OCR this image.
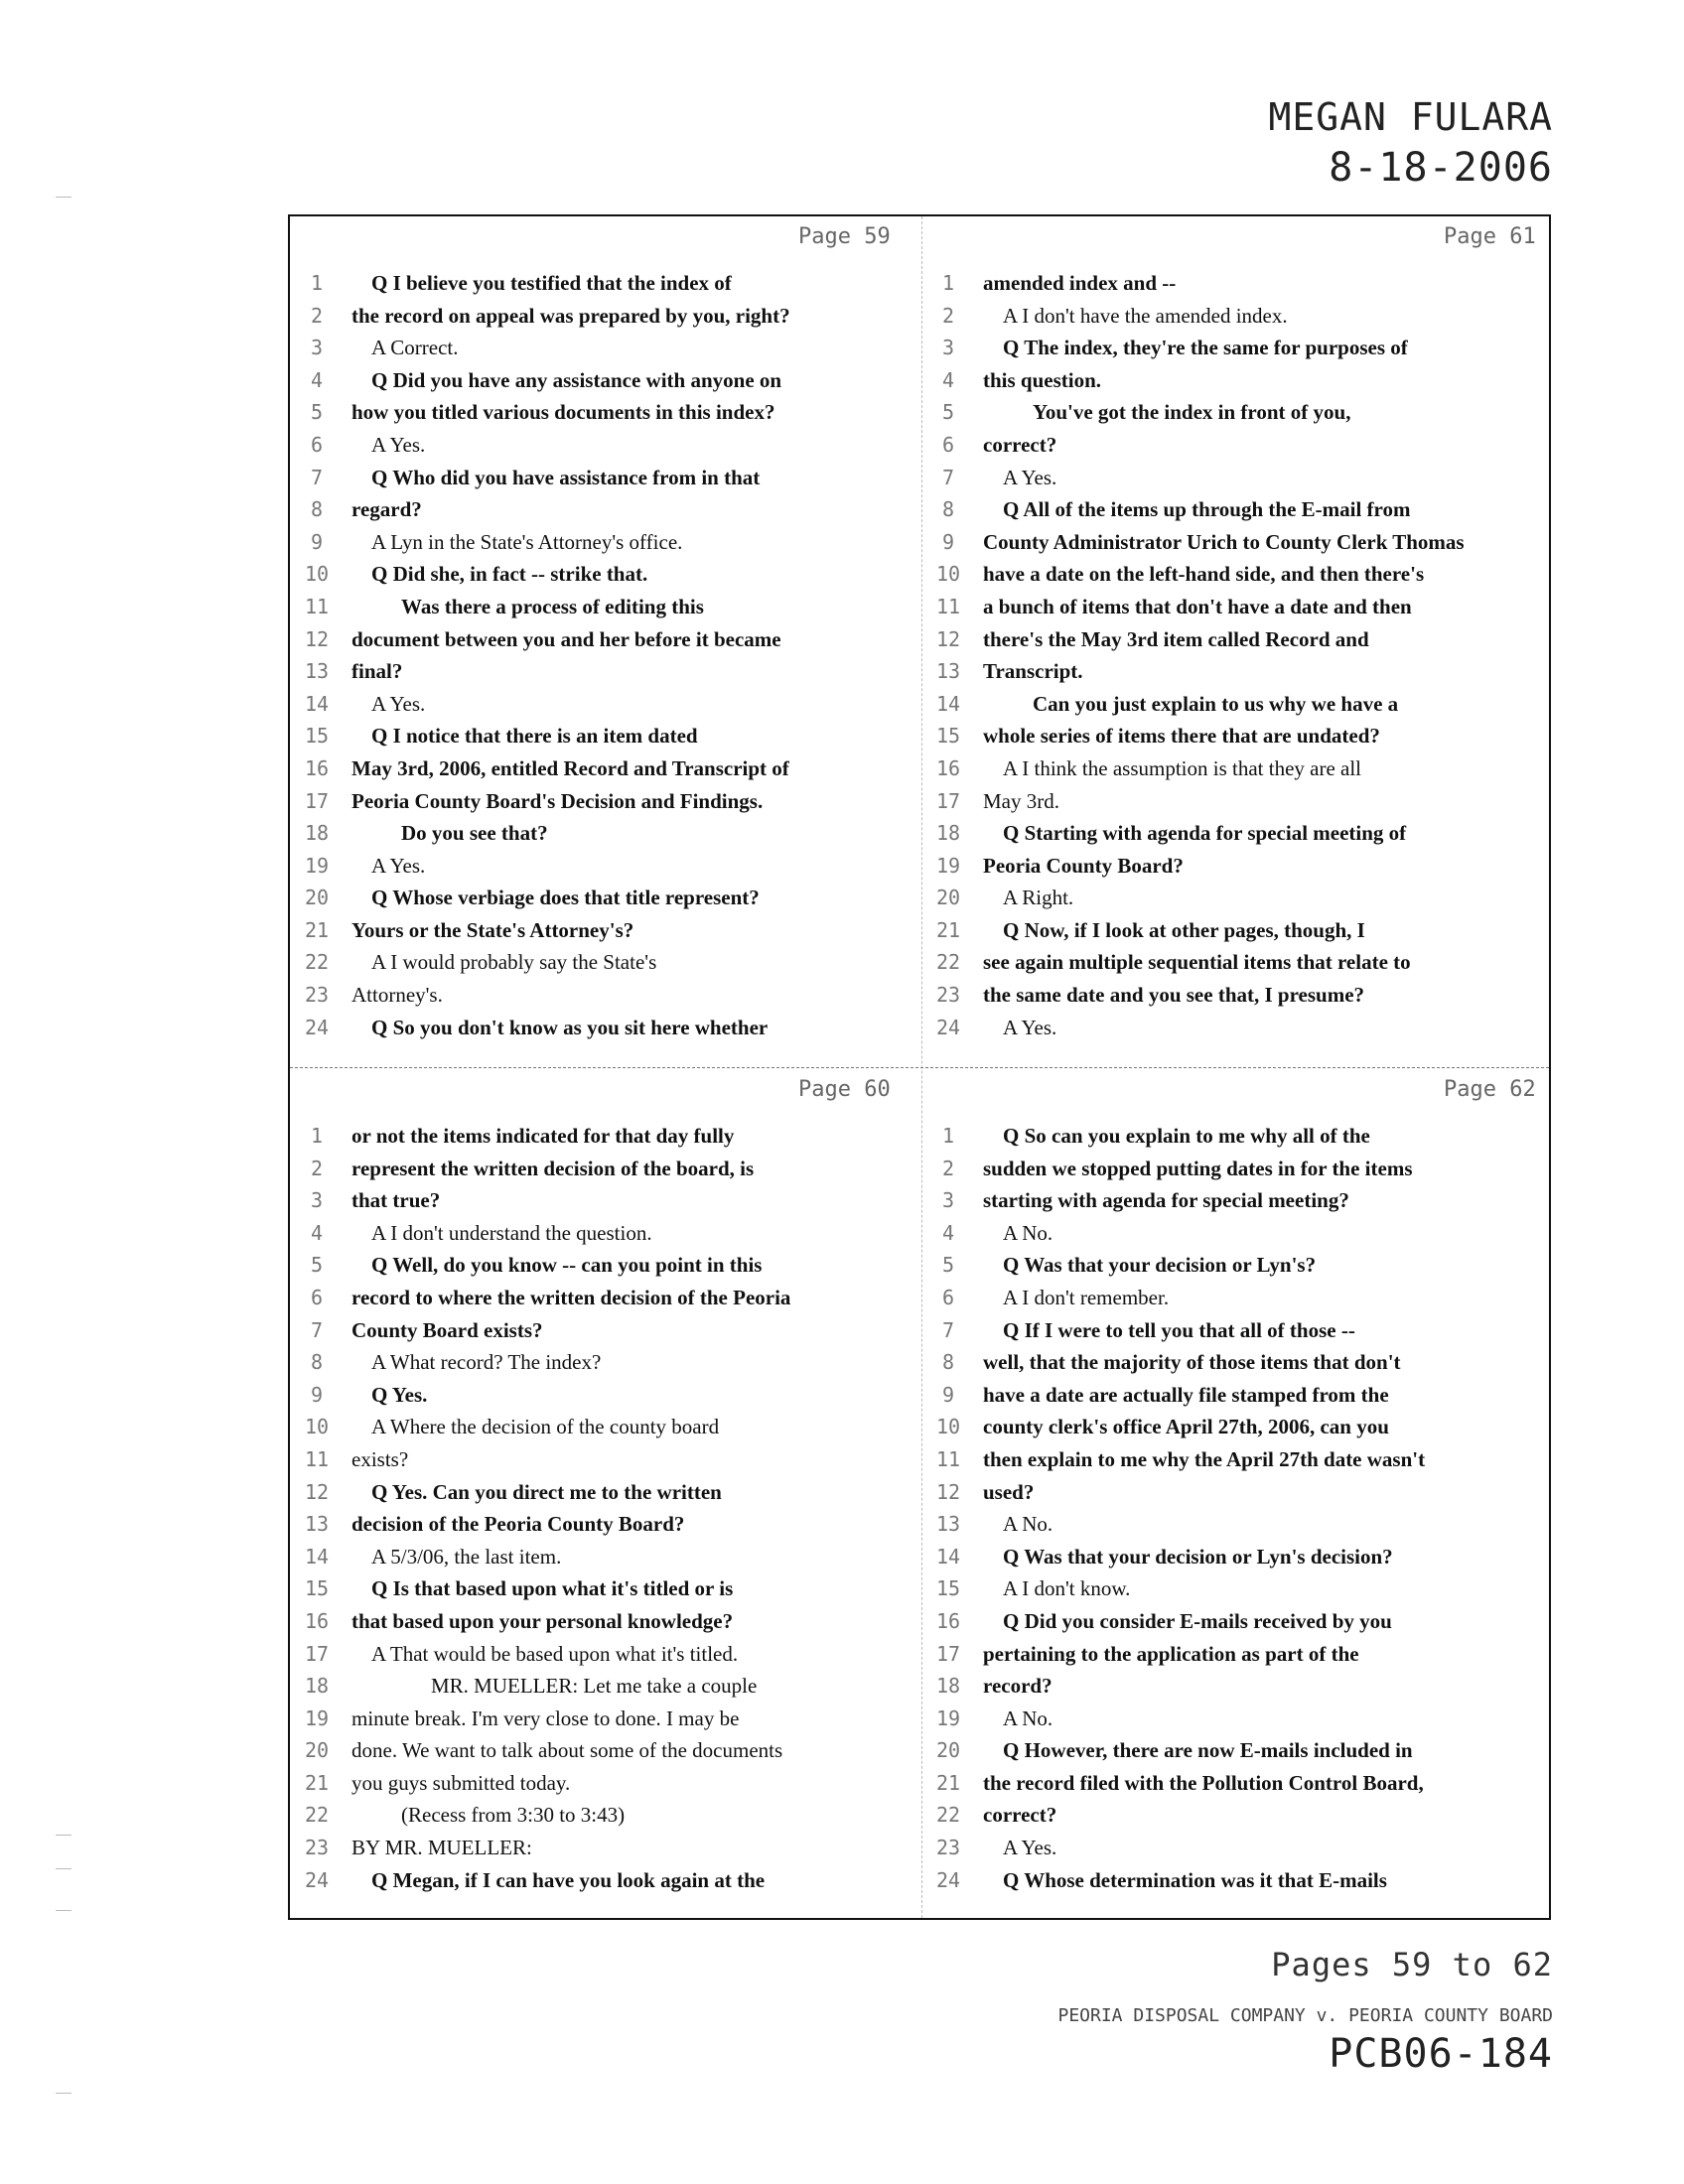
MEGAN FULARA
8-18-2006
Page 59
1	Q I believe you testified that the index of
2	the record on appeal was prepared by you, right?
3	A Correct.
4	Q Did you have any assistance with anyone on
5	how you titled various documents in this index?
6	A Yes.
7	Q Who did you have assistance from in that
8	regard?
9	A Lyn in the State's Attorney's office.
10 Q Did she, in fact -- strike that.
11	Was there a process of editing this
12 document between you and her before it became
13 final?
14 A Yes.
15 Q I notice that there is an item dated
16 May 3rd, 2006, entitled Record and Transcript of
17 Peoria County Board's Decision and Findings.
18	Do you see that?
19 A Yes.
20 Q Whose verbiage does that title represent?
21 Yours or the State's Attorney's?
22 A I would probably say the State's
23 Attorney's.
24 Q So you don't know as you sit here whether
Page 61
1	amended index and --
2	A I don't have the amended index.
3	Q The index, they're the same for purposes of
4	this question.
5	You've got the index in front of you,
6	correct?
7	A Yes.
8	Q All of the items up through the E-mail from
9	County Administrator Urich to County Clerk Thomas
10 have a date on the left-hand side, and then there's
11 a bunch of items that don't have a date and then
12 there's the May 3rd item called Record and
13 Transcript.
14	Can you just explain to us why we have a
15 whole series of items there that are undated?
16 A I think the assumption is that they are all
17 May 3rd.
18 Q Starting with agenda for special meeting of
19 Peoria County Board?
20 A Right.
21 Q Now, if I look at other pages, though, I
22 see again multiple sequential items that relate to
23 the same date and you see that, I presume?
24 A Yes.
Page 60
1	or not the items indicated for that day fully
2	represent the written decision of the board, is
3	that true?
4	A I don't understand the question.
5	Q Well, do you know -- can you point in this
6	record to where the written decision of the Peoria
7	County Board exists?
8	A What record? The index?
9	Q Yes.
10 A Where the decision of the county board
11 exists?
12 Q Yes. Can you direct me to the written
13 decision of the Peoria County Board?
14 A 5/3/06, the last item.
15 Q Is that based upon what it's titled or is
16 that based upon your personal knowledge?
17 A That would be based upon what it's titled.
18	MR. MUELLER: Let me take a couple
19 minute break. I'm very close to done. I may be
20 done. We want to talk about some of the documents
21 you guys submitted today.
22	(Recess from 3:30 to 3:43)
23 BY MR. MUELLER:
24 Q Megan, if I can have you look again at the
Page 62
1	Q So can you explain to me why all of the
2	sudden we stopped putting dates in for the items
3	starting with agenda for special meeting?
4	A No.
5	Q Was that your decision or Lyn's?
6	A I don't remember.
7	Q If I were to tell you that all of those --
8	well, that the majority of those items that don't
9	have a date are actually file stamped from the
10 county clerk's office April 27th, 2006, can you
11 then explain to me why the April 27th date wasn't
12 used?
13 A No.
14 Q Was that your decision or Lyn's decision?
15 A I don't know.
16 Q Did you consider E-mails received by you
17 pertaining to the application as part of the
18 record?
19 A No.
20 Q However, there are now E-mails included in
21 the record filed with the Pollution Control Board,
22 correct?
23 A Yes.
24 Q Whose determination was it that E-mails
Pages 59 to 62
PEORIA DISPOSAL COMPANY v. PEORIA COUNTY BOARD
PCB06-184
